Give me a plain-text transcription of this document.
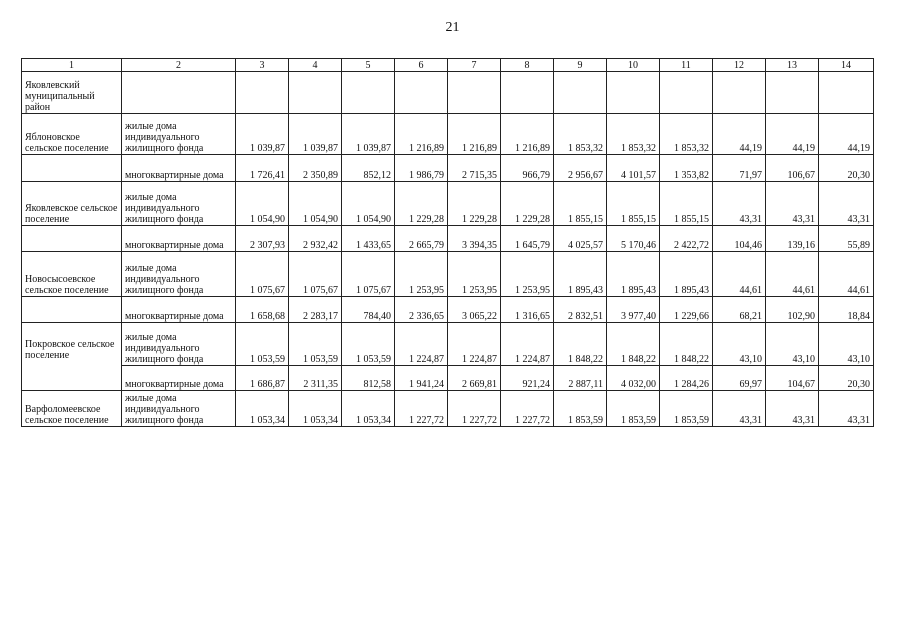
21
1	2	3	4	5	6	7	8	9	10	11	12	13	14
Яковлевский муниципальный район													
Яблоновское сельское поселение	жилые дома индивидуального жилищного фонда	1 039,87	1 039,87	1 039,87	1 216,89	1 216,89	1 216,89	1 853,32	1 853,32	1 853,32	44,19	44,19	44,19
	многоквартирные дома	1 726,41	2 350,89	852,12	1 986,79	2 715,35	966,79	2 956,67	4 101,57	1 353,82	71,97	106,67	20,30
Яковлевское сельское поселение	жилые дома индивидуального жилищного фонда	1 054,90	1 054,90	1 054,90	1 229,28	1 229,28	1 229,28	1 855,15	1 855,15	1 855,15	43,31	43,31	43,31
	многоквартирные дома	2 307,93	2 932,42	1 433,65	2 665,79	3 394,35	1 645,79	4 025,57	5 170,46	2 422,72	104,46	139,16	55,89
Новосысоевское сельское поселение	жилые дома индивидуального жилищного фонда	1 075,67	1 075,67	1 075,67	1 253,95	1 253,95	1 253,95	1 895,43	1 895,43	1 895,43	44,61	44,61	44,61
	многоквартирные дома	1 658,68	2 283,17	784,40	2 336,65	3 065,22	1 316,65	2 832,51	3 977,40	1 229,66	68,21	102,90	18,84
Покровское сельское поселение	жилые дома индивидуального жилищного фонда	1 053,59	1 053,59	1 053,59	1 224,87	1 224,87	1 224,87	1 848,22	1 848,22	1 848,22	43,10	43,10	43,10
	многоквартирные дома	1 686,87	2 311,35	812,58	1 941,24	2 669,81	921,24	2 887,11	4 032,00	1 284,26	69,97	104,67	20,30
Варфоломеевское сельское поселение	жилые дома индивидуального жилищного фонда	1 053,34	1 053,34	1 053,34	1 227,72	1 227,72	1 227,72	1 853,59	1 853,59	1 853,59	43,31	43,31	43,31
